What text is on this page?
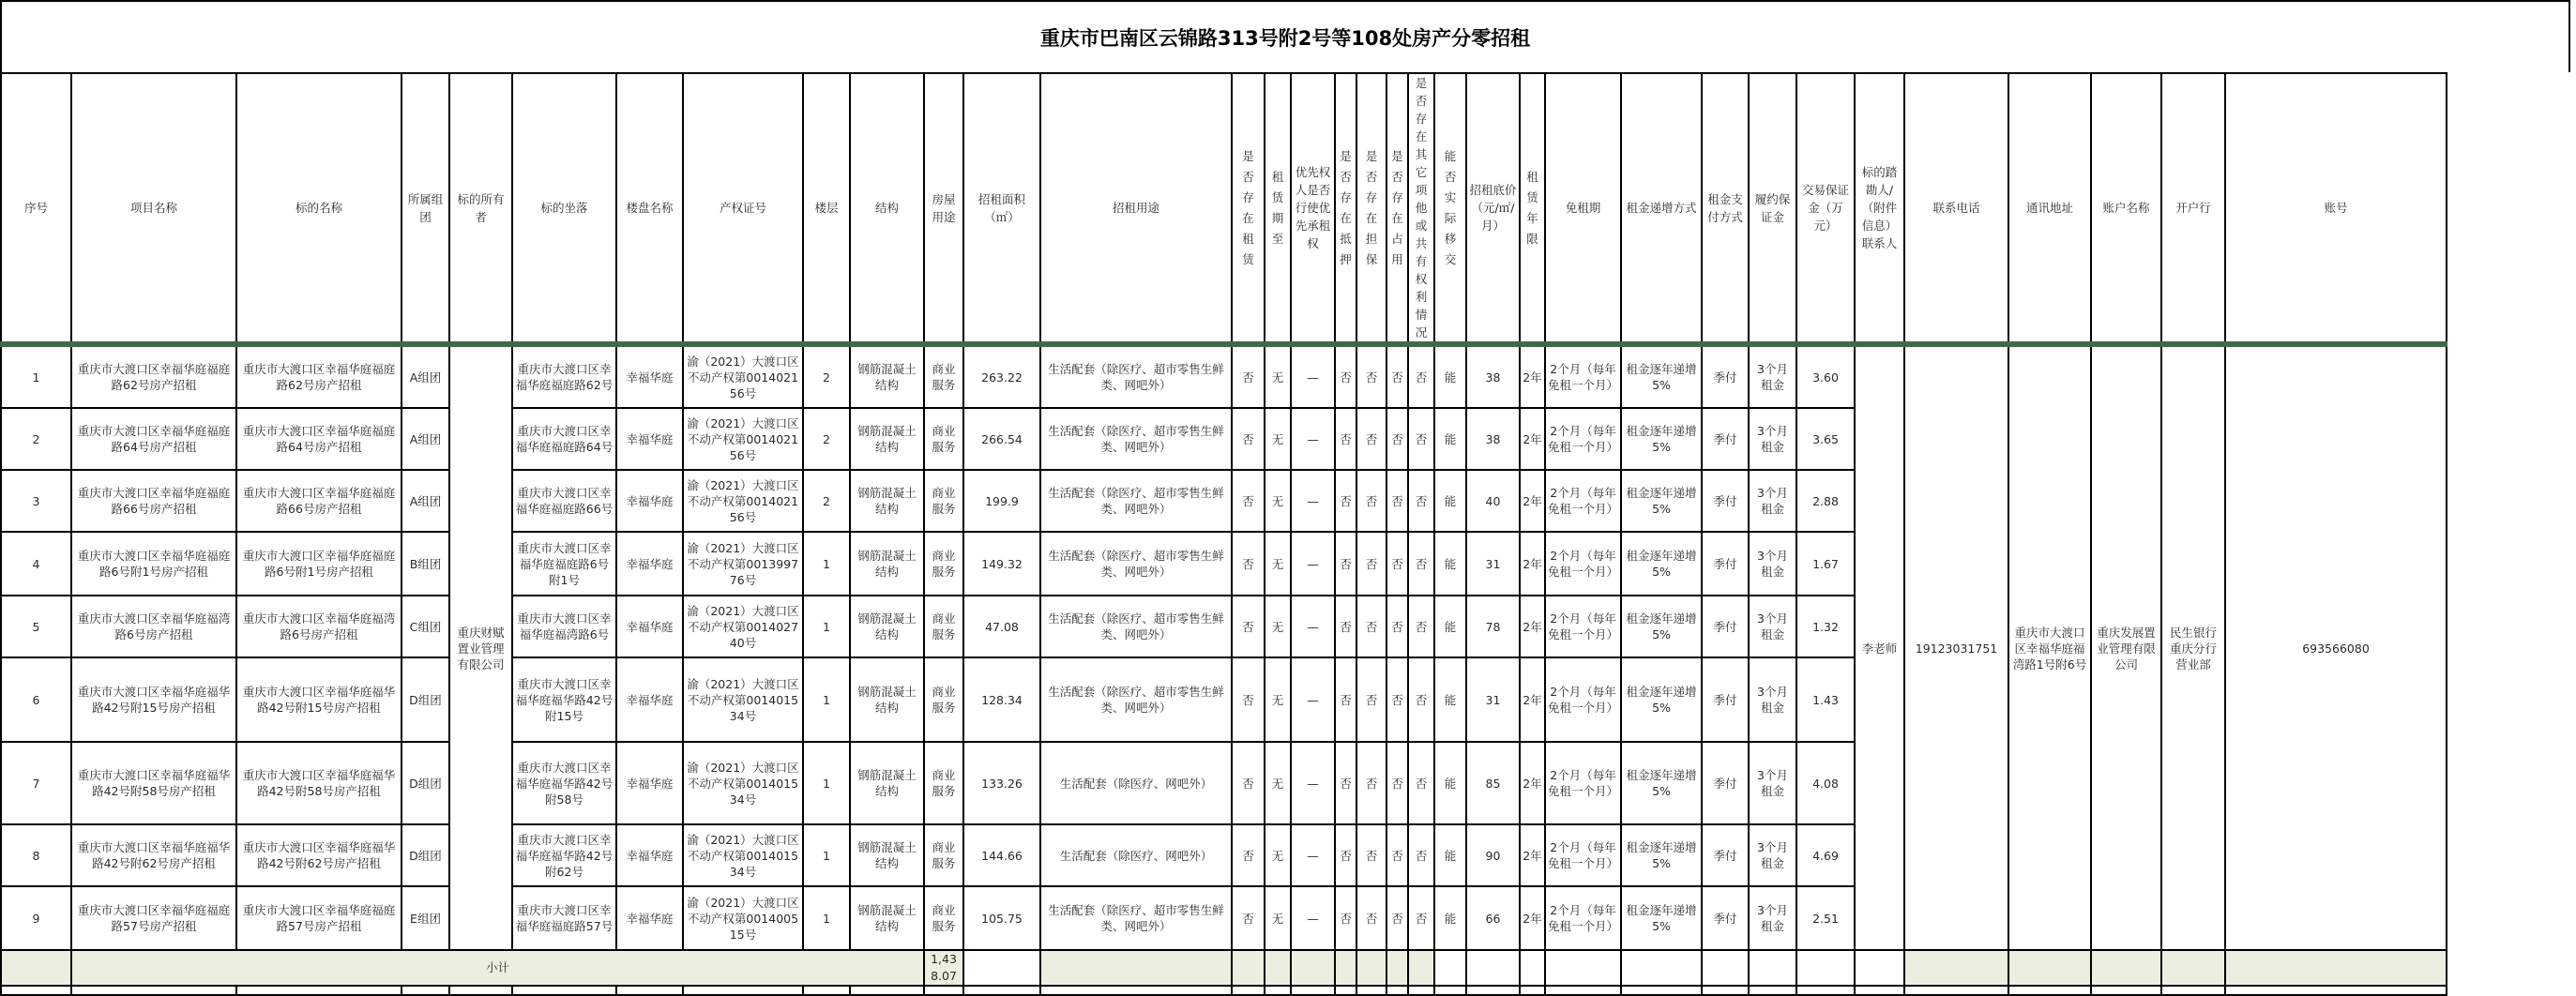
重庆市巴南区云锦路313号附2号等108处房产分零招租
序号	项目名称	标的名称	所属组团	标的所有者	标的坐落	楼盘名称	产权证号	楼层	结构	房屋用途	招租面积（㎡）	招租用途	是否存在租赁	租赁期至	优先权人是否行使优先承租权	是否存在抵押	是否存在担保	是否存在占用	是否存在其它项他或共有权利情况	能否实际移交	招租底价（元/㎡/月）	租赁年限	免租期	租金递增方式	租金支付方式	履约保证金	交易保证金（万元）	标的踏勘人/（附件信息）联系人	联系电话	通讯地址	账户名称	开户行	账号
1	重庆市大渡口区幸福华庭福庭路62号房产招租	重庆市大渡口区幸福华庭福庭路62号房产招租	A组团	重庆财赋置业管理有限公司	重庆市大渡口区幸福华庭福庭路62号	幸福华庭	渝（2021）大渡口区不动产权第001402156号	2	钢筋混凝土结构	商业服务	263.22	生活配套（除医疗、超市零售生鲜类、网吧外）	否	无	—	否	否	否	否	能	38	2年	2个月（每年免租一个月）	租金逐年递增5%	季付	3个月租金	3.60	李老师	19123031751	重庆市大渡口区幸福华庭福湾路1号附6号	重庆发展置业管理有限公司	民生银行重庆分行营业部	693566080
2	重庆市大渡口区幸福华庭福庭路64号房产招租	重庆市大渡口区幸福华庭福庭路64号房产招租	A组团		重庆市大渡口区幸福华庭福庭路64号	幸福华庭	渝（2021）大渡口区不动产权第001402156号	2	钢筋混凝土结构	商业服务	266.54	生活配套（除医疗、超市零售生鲜类、网吧外）	否	无	—	否	否	否	否	能	38	2年	2个月（每年免租一个月）	租金逐年递增5%	季付	3个月租金	3.65						
3	重庆市大渡口区幸福华庭福庭路66号房产招租	重庆市大渡口区幸福华庭福庭路66号房产招租	A组团		重庆市大渡口区幸福华庭福庭路66号	幸福华庭	渝（2021）大渡口区不动产权第001402156号	2	钢筋混凝土结构	商业服务	199.9	生活配套（除医疗、超市零售生鲜类、网吧外）	否	无	—	否	否	否	否	能	40	2年	2个月（每年免租一个月）	租金逐年递增5%	季付	3个月租金	2.88						
4	重庆市大渡口区幸福华庭福庭路6号附1号房产招租	重庆市大渡口区幸福华庭福庭路6号附1号房产招租	B组团		重庆市大渡口区幸福华庭福庭路6号附1号	幸福华庭	渝（2021）大渡口区不动产权第001399776号	1	钢筋混凝土结构	商业服务	149.32	生活配套（除医疗、超市零售生鲜类、网吧外）	否	无	—	否	否	否	否	能	31	2年	2个月（每年免租一个月）	租金逐年递增5%	季付	3个月租金	1.67						
5	重庆市大渡口区幸福华庭福湾路6号房产招租	重庆市大渡口区幸福华庭福湾路6号房产招租	C组团		重庆市大渡口区幸福华庭福湾路6号	幸福华庭	渝（2021）大渡口区不动产权第001402740号	1	钢筋混凝土结构	商业服务	47.08	生活配套（除医疗、超市零售生鲜类、网吧外）	否	无	—	否	否	否	否	能	78	2年	2个月（每年免租一个月）	租金逐年递增5%	季付	3个月租金	1.32						
6	重庆市大渡口区幸福华庭福华路42号附15号房产招租	重庆市大渡口区幸福华庭福华路42号附15号房产招租	D组团		重庆市大渡口区幸福华庭福华路42号附15号	幸福华庭	渝（2021）大渡口区不动产权第001401534号	1	钢筋混凝土结构	商业服务	128.34	生活配套（除医疗、超市零售生鲜类、网吧外）	否	无	—	否	否	否	否	能	31	2年	2个月（每年免租一个月）	租金逐年递增5%	季付	3个月租金	1.43						
7	重庆市大渡口区幸福华庭福华路42号附58号房产招租	重庆市大渡口区幸福华庭福华路42号附58号房产招租	D组团		重庆市大渡口区幸福华庭福华路42号附58号	幸福华庭	渝（2021）大渡口区不动产权第001401534号	1	钢筋混凝土结构	商业服务	133.26	生活配套（除医疗、网吧外）	否	无	—	否	否	否	否	能	85	2年	2个月（每年免租一个月）	租金逐年递增5%	季付	3个月租金	4.08						
8	重庆市大渡口区幸福华庭福华路42号附62号房产招租	重庆市大渡口区幸福华庭福华路42号附62号房产招租	D组团		重庆市大渡口区幸福华庭福华路42号附62号	幸福华庭	渝（2021）大渡口区不动产权第001401534号	1	钢筋混凝土结构	商业服务	144.66	生活配套（除医疗、网吧外）	否	无	—	否	否	否	否	能	90	2年	2个月（每年免租一个月）	租金逐年递增5%	季付	3个月租金	4.69						
9	重庆市大渡口区幸福华庭福庭路57号房产招租	重庆市大渡口区幸福华庭福庭路57号房产招租	E组团		重庆市大渡口区幸福华庭福庭路57号	幸福华庭	渝（2021）大渡口区不动产权第001400515号	1	钢筋混凝土结构	商业服务	105.75	生活配套（除医疗、超市零售生鲜类、网吧外）	否	无	—	否	否	否	否	能	66	2年	2个月（每年免租一个月）	租金逐年递增5%	季付	3个月租金	2.51						
	小计									1,438.07																							
